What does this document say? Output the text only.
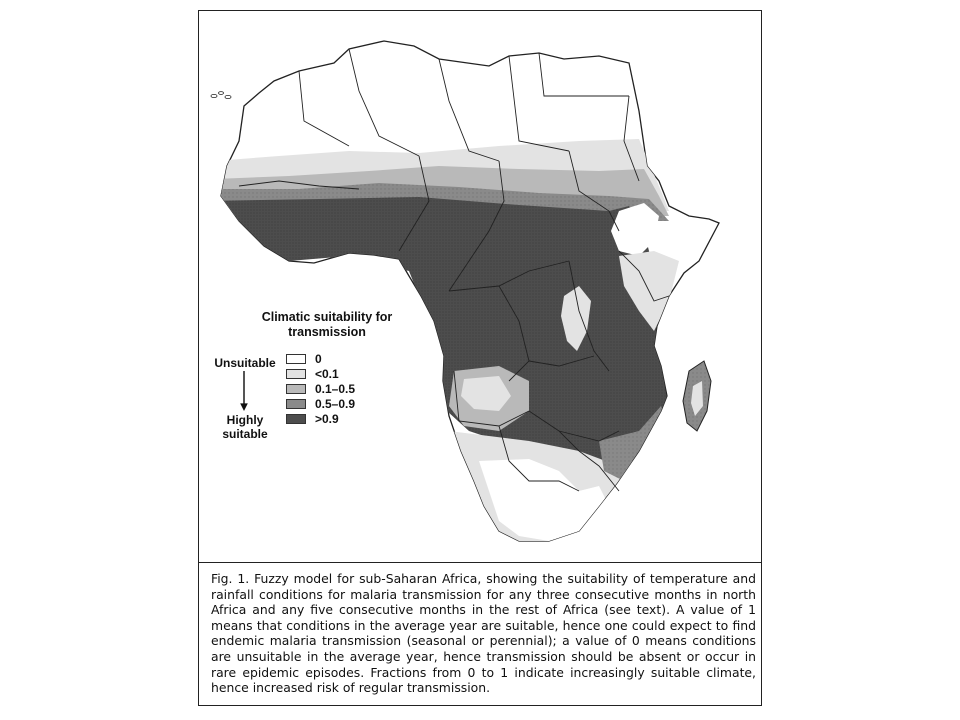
Climatic suitability for transmission
Unsuitable
Highly suitable
0
<0.1
0.1–0.5
0.5–0.9
>0.9
Fig. 1. Fuzzy model for sub-Saharan Africa, showing the suitability of temperature and rainfall conditions for malaria transmission for any three consecutive months in north Africa and any five consecutive months in the rest of Africa (see text). A value of 1 means that conditions in the average year are suitable, hence one could expect to find endemic malaria transmission (seasonal or perennial); a value of 0 means conditions are unsuitable in the average year, hence transmission should be absent or occur in rare epidemic episodes. Fractions from 0 to 1 indicate increasingly suitable climate, hence increased risk of regular transmission.
